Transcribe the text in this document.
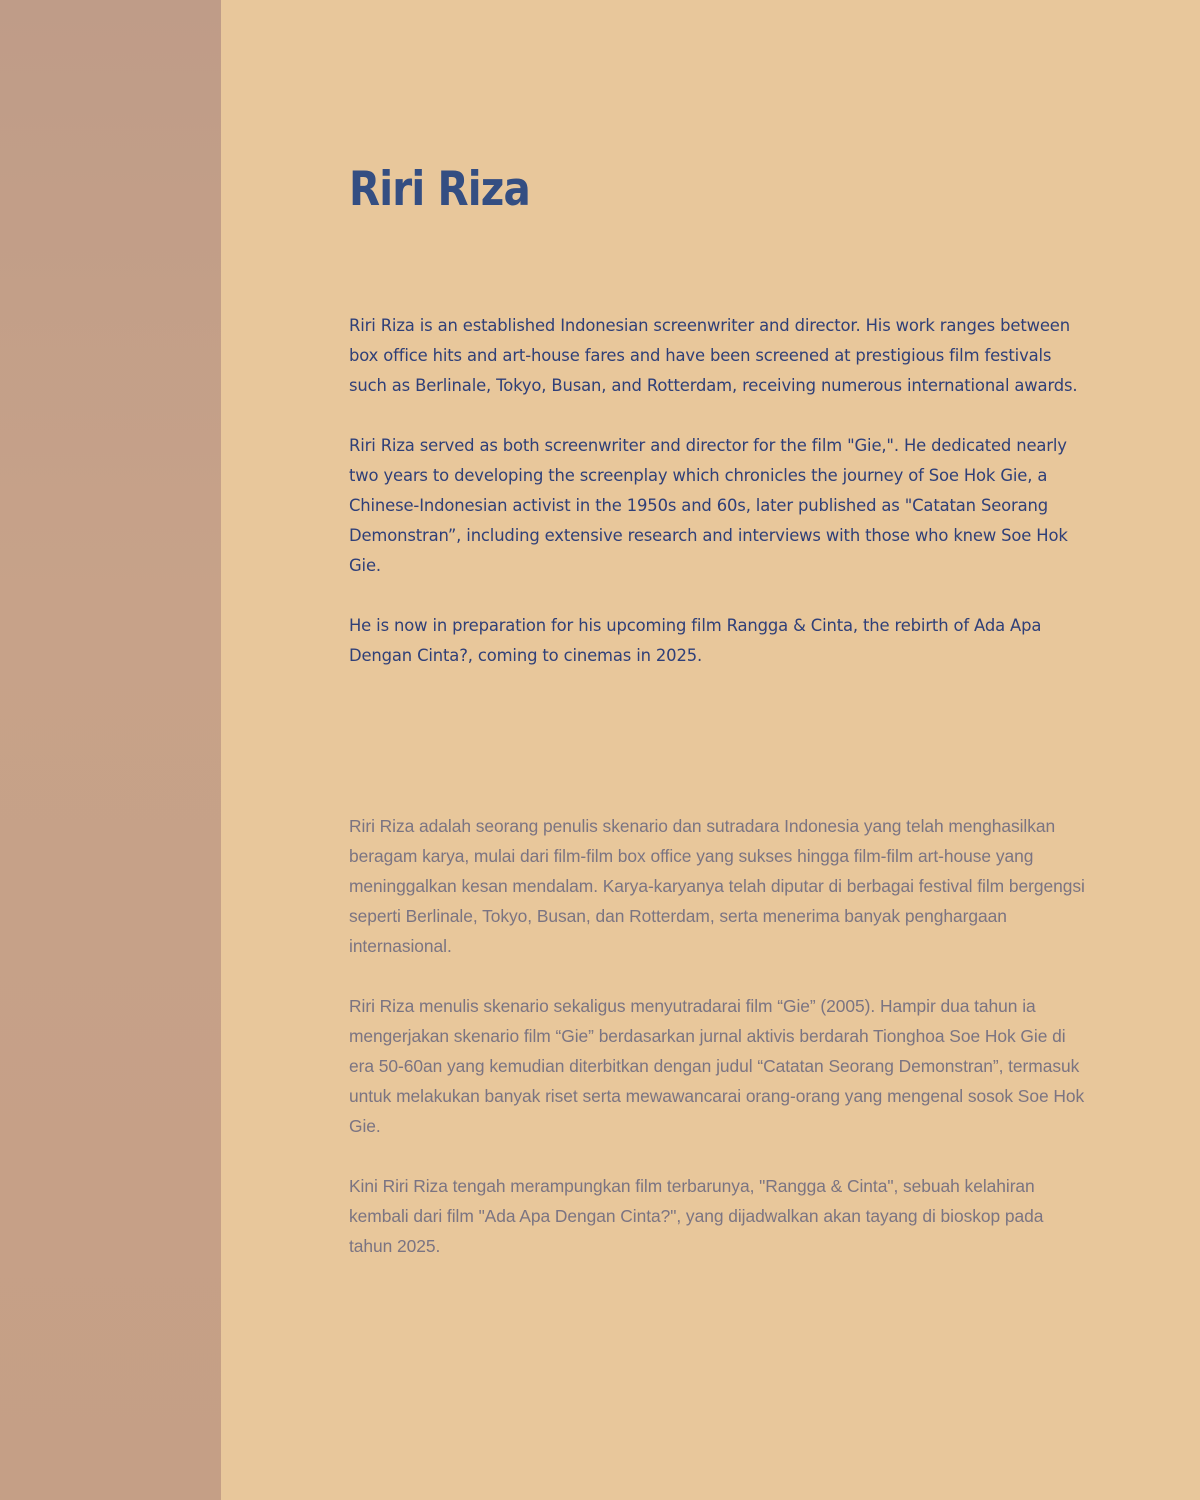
Riri Riza

Riri Riza is an established Indonesian screenwriter and director. His work ranges between box office hits and art-house fares and have been screened at prestigious film festivals such as Berlinale, Tokyo, Busan, and Rotterdam, receiving numerous international awards.

Riri Riza served as both screenwriter and director for the film "Gie,". He dedicated nearly two years to developing the screenplay which chronicles the journey of Soe Hok Gie, a Chinese-Indonesian activist in the 1950s and 60s, later published as "Catatan Seorang Demonstran”, including extensive research and interviews with those who knew Soe Hok Gie.

He is now in preparation for his upcoming film Rangga & Cinta, the rebirth of Ada Apa Dengan Cinta?, coming to cinemas in 2025.

Riri Riza adalah seorang penulis skenario dan sutradara Indonesia yang telah menghasilkan beragam karya, mulai dari film-film box office yang sukses hingga film-film art-house yang meninggalkan kesan mendalam. Karya-karyanya telah diputar di berbagai festival film bergengsi seperti Berlinale, Tokyo, Busan, dan Rotterdam, serta menerima banyak penghargaan internasional.

Riri Riza menulis skenario sekaligus menyutradarai film “Gie” (2005). Hampir dua tahun ia mengerjakan skenario film “Gie” berdasarkan jurnal aktivis berdarah Tionghoa Soe Hok Gie di era 50-60an yang kemudian diterbitkan dengan judul “Catatan Seorang Demonstran”, termasuk untuk melakukan banyak riset serta mewawancarai orang-orang yang mengenal sosok Soe Hok Gie.

Kini Riri Riza tengah merampungkan film terbarunya, "Rangga & Cinta", sebuah kelahiran kembali dari film "Ada Apa Dengan Cinta?", yang dijadwalkan akan tayang di bioskop pada tahun 2025.
